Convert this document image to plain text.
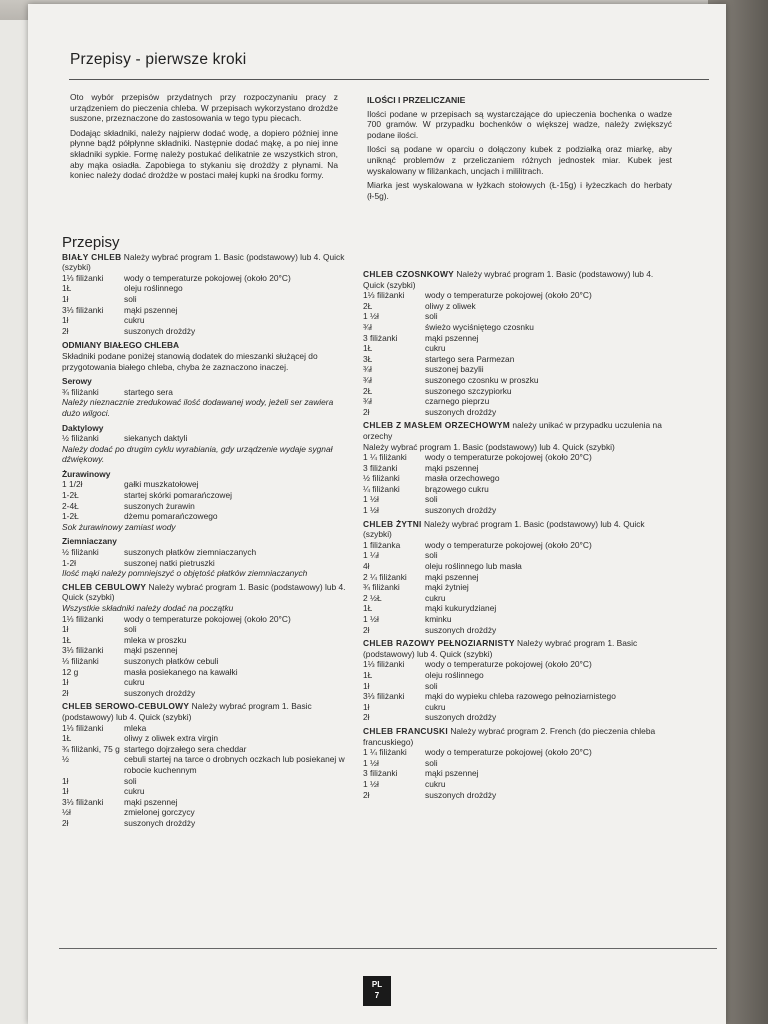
Przepisy - pierwsze kroki

Oto wybór przepisów przydatnych przy rozpoczynaniu pracy z urządzeniem do pieczenia chleba. W przepisach wykorzystano drożdże suszone, przeznaczone do zastosowania w tego typu piecach.

Dodając składniki, należy najpierw dodać wodę, a dopiero później inne płynne bądź półpłynne składniki. Następnie dodać mąkę, a po niej inne składniki sypkie. Formę należy postukać delikatnie ze wszystkich stron, aby mąka osiadła. Zapobiega to stykaniu się drożdży z płynami. Na koniec należy dodać drożdże w postaci małej kupki na środku formy.

ILOŚCI I PRZELICZANIE

Ilości podane w przepisach są wystarczające do upieczenia bochenka o wadze 700 gramów. W przypadku bochenków o większej wadze, należy zwiększyć podane ilości.

Ilości są podane w oparciu o dołączony kubek z podziałką oraz miarkę, aby uniknąć problemów z przeliczaniem różnych jednostek miar. Kubek jest wyskalowany w filiżankach, uncjach i mililitrach.

Miarka jest wyskalowana w łyżkach stołowych (Ł-15g) i łyżeczkach do herbaty (ł-5g).

Przepisy
BIAŁY CHLEB Należy wybrać program 1. Basic (podstawowy) lub 4. Quick (szybki)
1⅓ filiżanki	wody o temperaturze pokojowej (około 20°C)
1Ł	oleju roślinnego
1ł	soli
3⅓ filiżanki	mąki pszennej
1ł	cukru
2ł	suszonych drożdży
ODMIANY BIAŁEGO CHLEBA
Składniki podane poniżej stanowią dodatek do mieszanki służącej do przygotowania białego chleba, chyba że zaznaczono inaczej.
Serowy
¾ filiżanki	startego sera
Należy nieznacznie zredukować ilość dodawanej wody, jeżeli ser zawiera dużo wilgoci.
Daktylowy
½ filiżanki	siekanych daktyli
Należy dodać po drugim cyklu wyrabiania, gdy urządzenie wydaje sygnał dźwiękowy.
Żurawinowy
1 1/2ł	gałki muszkatołowej
1-2Ł	startej skórki pomarańczowej
2-4Ł	suszonych żurawin
1-2Ł	dżemu pomarańczowego
Sok żurawinowy zamiast wody
Ziemniaczany
½ filiżanki	suszonych płatków ziemniaczanych
1-2ł	suszonej natki pietruszki
Ilość mąki należy pomniejszyć o objętość płatków ziemniaczanych
CHLEB CEBULOWY Należy wybrać program 1. Basic (podstawowy) lub 4. Quick (szybki)
Wszystkie składniki należy dodać na początku
1⅓ filiżanki	wody o temperaturze pokojowej (około 20°C)
1ł	soli
1Ł	mleka w proszku
3⅓ filiżanki	mąki pszennej
⅓ filiżanki	suszonych płatków cebuli
12 g	masła posiekanego na kawałki
1ł	cukru
2ł	suszonych drożdży
CHLEB SEROWO-CEBULOWY Należy wybrać program 1. Basic (podstawowy) lub 4. Quick (szybki)
1⅓ filiżanki	mleka
1Ł	oliwy z oliwek extra virgin
¾ filiżanki, 75 g startego dojrzałego sera cheddar
½	cebuli startej na tarce o drobnych oczkach lub posiekanej w robocie kuchennym
1ł	soli
1ł	cukru
3⅓ filiżanki	mąki pszennej
½ł	zmielonej gorczycy
2ł	suszonych drożdży
CHLEB CZOSNKOWY Należy wybrać program 1. Basic (podstawowy) lub 4. Quick (szybki)
1⅓ filiżanki	wody o temperaturze pokojowej (około 20°C)
2Ł	oliwy z oliwek
1 ½ł	soli
¾ł	świeżo wyciśniętego czosnku
3 filiżanki	mąki pszennej
1Ł	cukru
3Ł	startego sera Parmezan
¾ł	suszonej bazylii
¾ł	suszonego czosnku w proszku
2Ł	suszonego szczypiorku
¾ł	czarnego pieprzu
2ł	suszonych drożdży
CHLEB Z MASŁEM ORZECHOWYM należy unikać w przypadku uczulenia na orzechy
Należy wybrać program 1. Basic (podstawowy) lub 4. Quick (szybki)
1 ¼ filiżanki	wody o temperaturze pokojowej (około 20°C)
3 filiżanki	mąki pszennej
½ filiżanki	masła orzechowego
¼ filiżanki	brązowego cukru
1 ½ł	soli
1 ½ł	suszonych drożdży
CHLEB ŻYTNI Należy wybrać program 1. Basic (podstawowy) lub 4. Quick (szybki)
1 filiżanka	wody o temperaturze pokojowej (około 20°C)
1 ¼ł	soli
4ł	oleju roślinnego lub masła
2 ¼ filiżanki	mąki pszennej
¾ filiżanki	mąki żytniej
2 ½Ł	cukru
1Ł	mąki kukurydzianej
1 ½ł	kminku
2ł	suszonych drożdży
CHLEB RAZOWY PEŁNOZIARNISTY Należy wybrać program 1. Basic (podstawowy) lub 4. Quick (szybki)
1⅓ filiżanki	wody o temperaturze pokojowej (około 20°C)
1Ł	oleju roślinnego
1ł	soli
3⅓ filiżanki	mąki do wypieku chleba razowego pełnoziarnistego
1ł	cukru
2ł	suszonych drożdży
CHLEB FRANCUSKI Należy wybrać program 2. French (do pieczenia chleba francuskiego)
1 ¼ filiżanki	wody o temperaturze pokojowej (około 20°C)
1 ½ł	soli
3 filiżanki	mąki pszennej
1 ½ł	cukru
2ł	suszonych drożdży
PL
7
